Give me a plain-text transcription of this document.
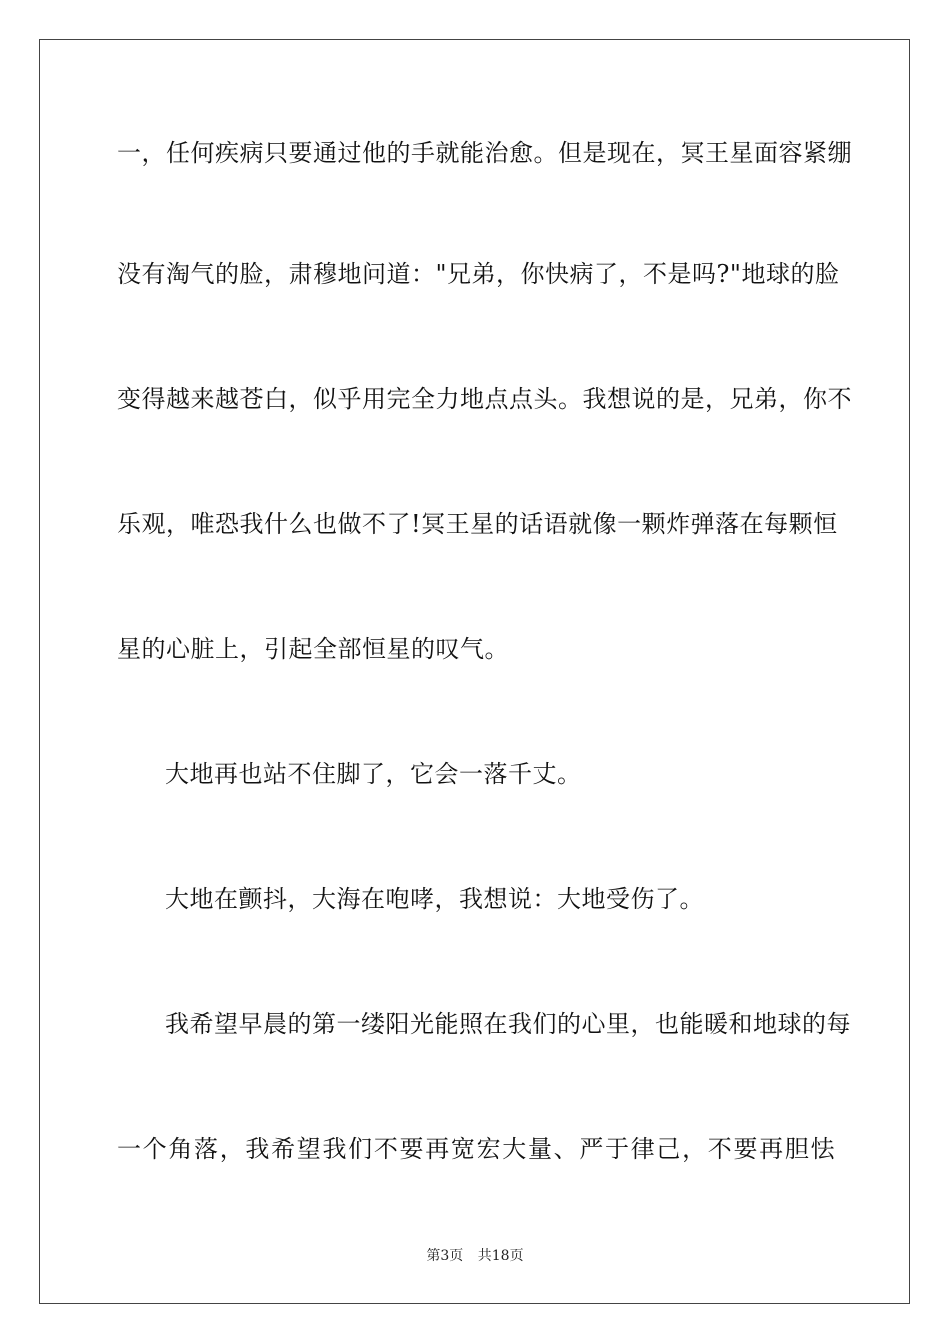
一，任何疾病只要通过他的手就能治愈。但是现在，冥王星面容紧绷
没有淘气的脸，肃穆地问道："兄弟，你快病了，不是吗?"地球的脸
变得越来越苍白，似乎用完全力地点点头。我想说的是，兄弟，你不
乐观，唯恐我什么也做不了!冥王星的话语就像一颗炸弹落在每颗恒
星的心脏上，引起全部恒星的叹气。
大地再也站不住脚了，它会一落千丈。
大地在颤抖，大海在咆哮，我想说：大地受伤了。
我希望早晨的第一缕阳光能照在我们的心里，也能暖和地球的每
一个角落，我希望我们不要再宽宏大量、严于律己，不要再胆怯
第3页 共18页
